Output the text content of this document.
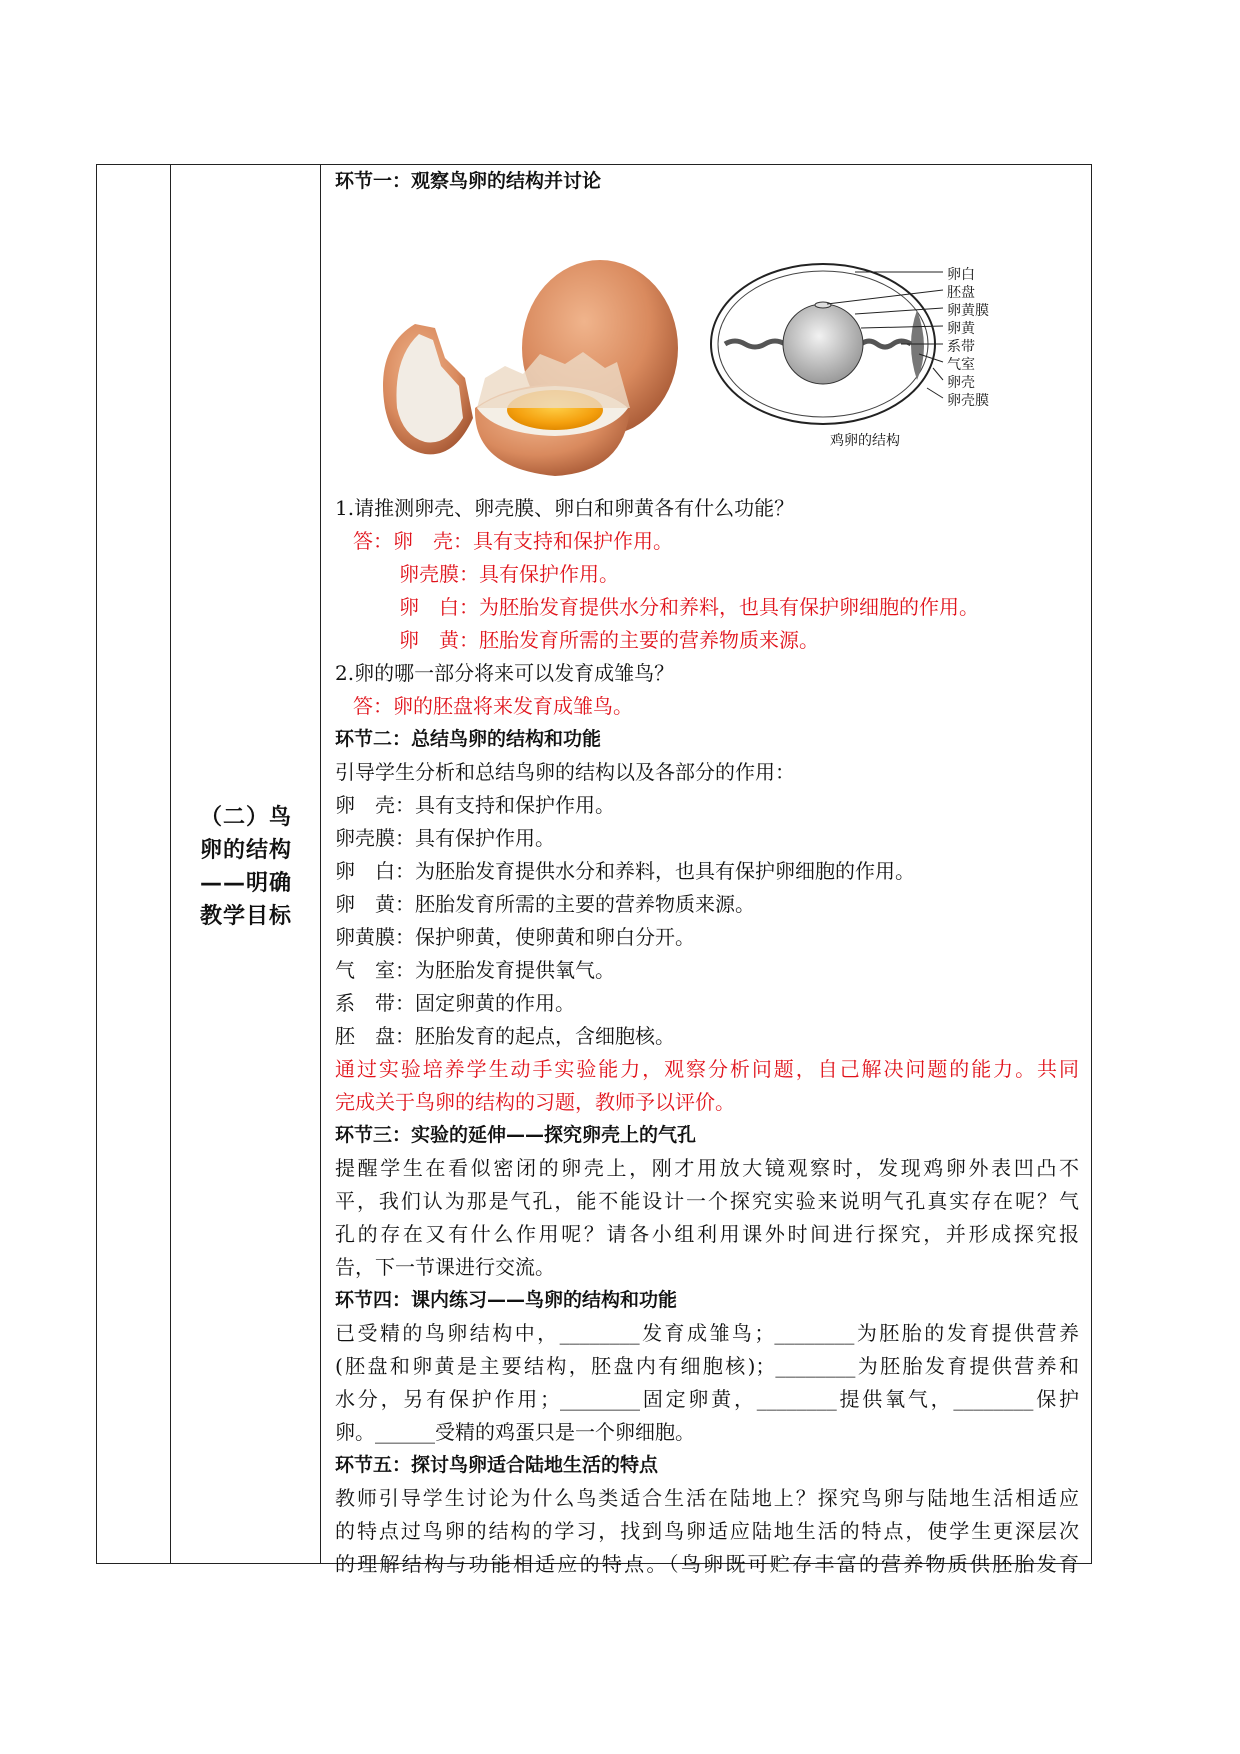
（二）鸟
卵的结构
——明确
教学目标
环节一：观察鸟卵的结构并讨论
卵白
胚盘
卵黄膜
卵黄
系带
气室
卵壳
卵壳膜
鸡卵的结构
1.请推测卵壳、卵壳膜、卵白和卵黄各有什么功能？
答：卵　壳：具有支持和保护作用。
卵壳膜：具有保护作用。
卵　白：为胚胎发育提供水分和养料，也具有保护卵细胞的作用。
卵　黄：胚胎发育所需的主要的营养物质来源。
2.卵的哪一部分将来可以发育成雏鸟？
答：卵的胚盘将来发育成雏鸟。
环节二：总结鸟卵的结构和功能
引导学生分析和总结鸟卵的结构以及各部分的作用：
卵　壳：具有支持和保护作用。
卵壳膜：具有保护作用。
卵　白：为胚胎发育提供水分和养料，也具有保护卵细胞的作用。
卵　黄：胚胎发育所需的主要的营养物质来源。
卵黄膜：保护卵黄，使卵黄和卵白分开。
气　室：为胚胎发育提供氧气。
系　带：固定卵黄的作用。
胚　盘：胚胎发育的起点，含细胞核。
通过实验培养学生动手实验能力，观察分析问题，自己解决问题的能力。共同
完成关于鸟卵的结构的习题，教师予以评价。
环节三：实验的延伸——探究卵壳上的气孔
提醒学生在看似密闭的卵壳上，刚才用放大镜观察时，发现鸡卵外表凹凸不
平，我们认为那是气孔，能不能设计一个探究实验来说明气孔真实存在呢？气
孔的存在又有什么作用呢？请各小组利用课外时间进行探究，并形成探究报
告，下一节课进行交流。
环节四：课内练习——鸟卵的结构和功能
已受精的鸟卵结构中，________发育成雏鸟；________为胚胎的发育提供营养
(胚盘和卵黄是主要结构，胚盘内有细胞核)；________为胚胎发育提供营养和
水分，另有保护作用；________固定卵黄，________提供氧气，________保护
卵。______受精的鸡蛋只是一个卵细胞。
环节五：探讨鸟卵适合陆地生活的特点
教师引导学生讨论为什么鸟类适合生活在陆地上？探究鸟卵与陆地生活相适应
的特点过鸟卵的结构的学习，找到鸟卵适应陆地生活的特点，使学生更深层次
的理解结构与功能相适应的特点。（鸟卵既可贮存丰富的营养物质供胚胎发育
